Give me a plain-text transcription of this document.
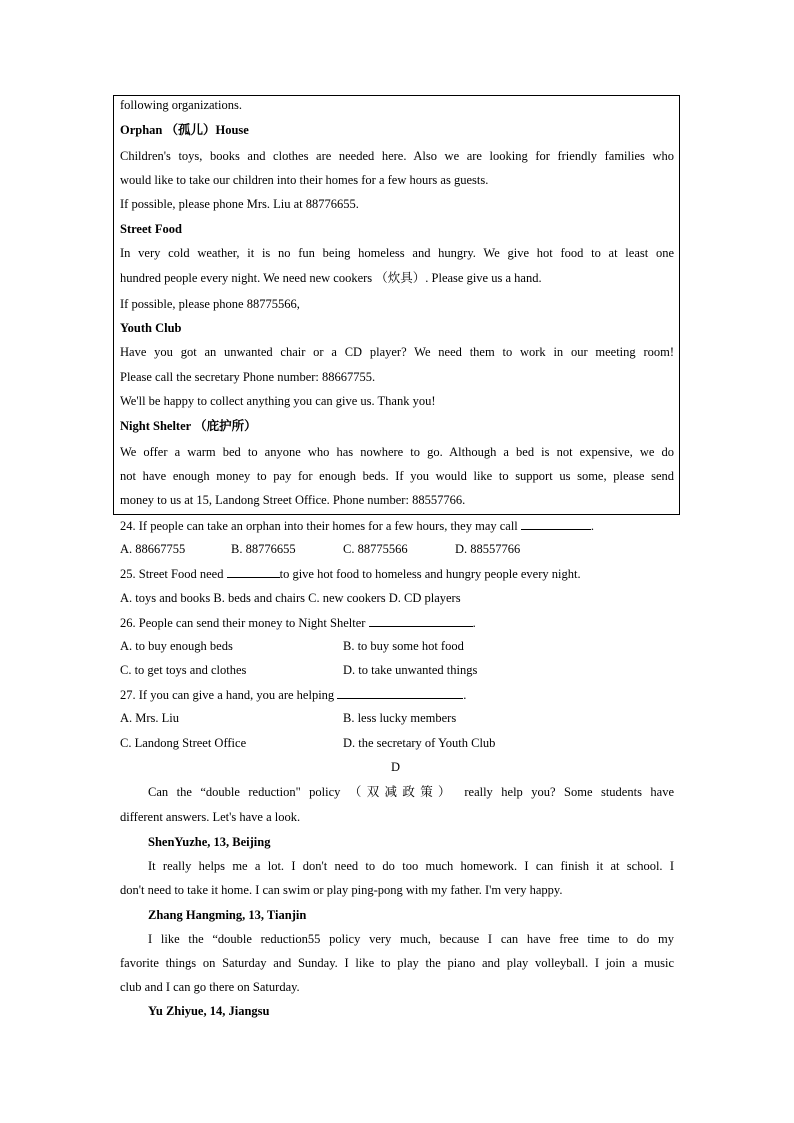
following organizations.
Orphan （孤儿）House
Children's toys, books and clothes are needed here. Also we are looking for friendly families who
would like to take our children into their homes for a few hours as guests.
If possible, please phone Mrs. Liu at 88776655.
Street Food
In very cold weather, it is no fun being homeless and hungry. We give hot food to at least one
hundred people every night. We need new cookers （炊具）. Please give us a hand.
If possible, please phone 88775566,
Youth Club
Have you got an unwanted chair or a CD player? We need them to work in our meeting room!
Please call the secretary Phone number: 88667755.
We'll be happy to collect anything you can give us. Thank you!
Night Shelter （庇护所）
We offer a warm bed to anyone who has nowhere to go. Although a bed is not expensive, we do
not have enough money to pay for enough beds. If you would like to support us some, please send
money to us at 15, Landong Street Office. Phone number: 88557766.
24. If people can take an orphan into their homes for a few hours, they may call	.
A. 88667755	B. 88776655	C. 88775566	D. 88557766
25. Street Food need	to give hot food to homeless and hungry people every night.
A. toys and books B. beds and chairs C. new cookers D. CD players
26. People can send their money to Night Shelter	.
A. to buy enough beds	B. to buy some hot food
C. to get toys and clothes	D. to take unwanted things
27. If you can give a hand, you are helping	.
A. Mrs. Liu	B. less lucky members
C. Landong Street Office	D. the secretary of Youth Club
D
Can the “double reduction" policy （双减政策） really help you? Some students have
different answers. Let's have a look.
ShenYuzhe, 13, Beijing
It really helps me a lot. I don't need to do too much homework. I can finish it at school. I
don't need to take it home. I can swim or play ping-pong with my father. I'm very happy.
Zhang Hangming, 13, Tianjin
I like the “double reduction55 policy very much, because I can have free time to do my
favorite things on Saturday and Sunday. I like to play the piano and play volleyball. I join a music
club and I can go there on Saturday.
Yu Zhiyue, 14, Jiangsu
